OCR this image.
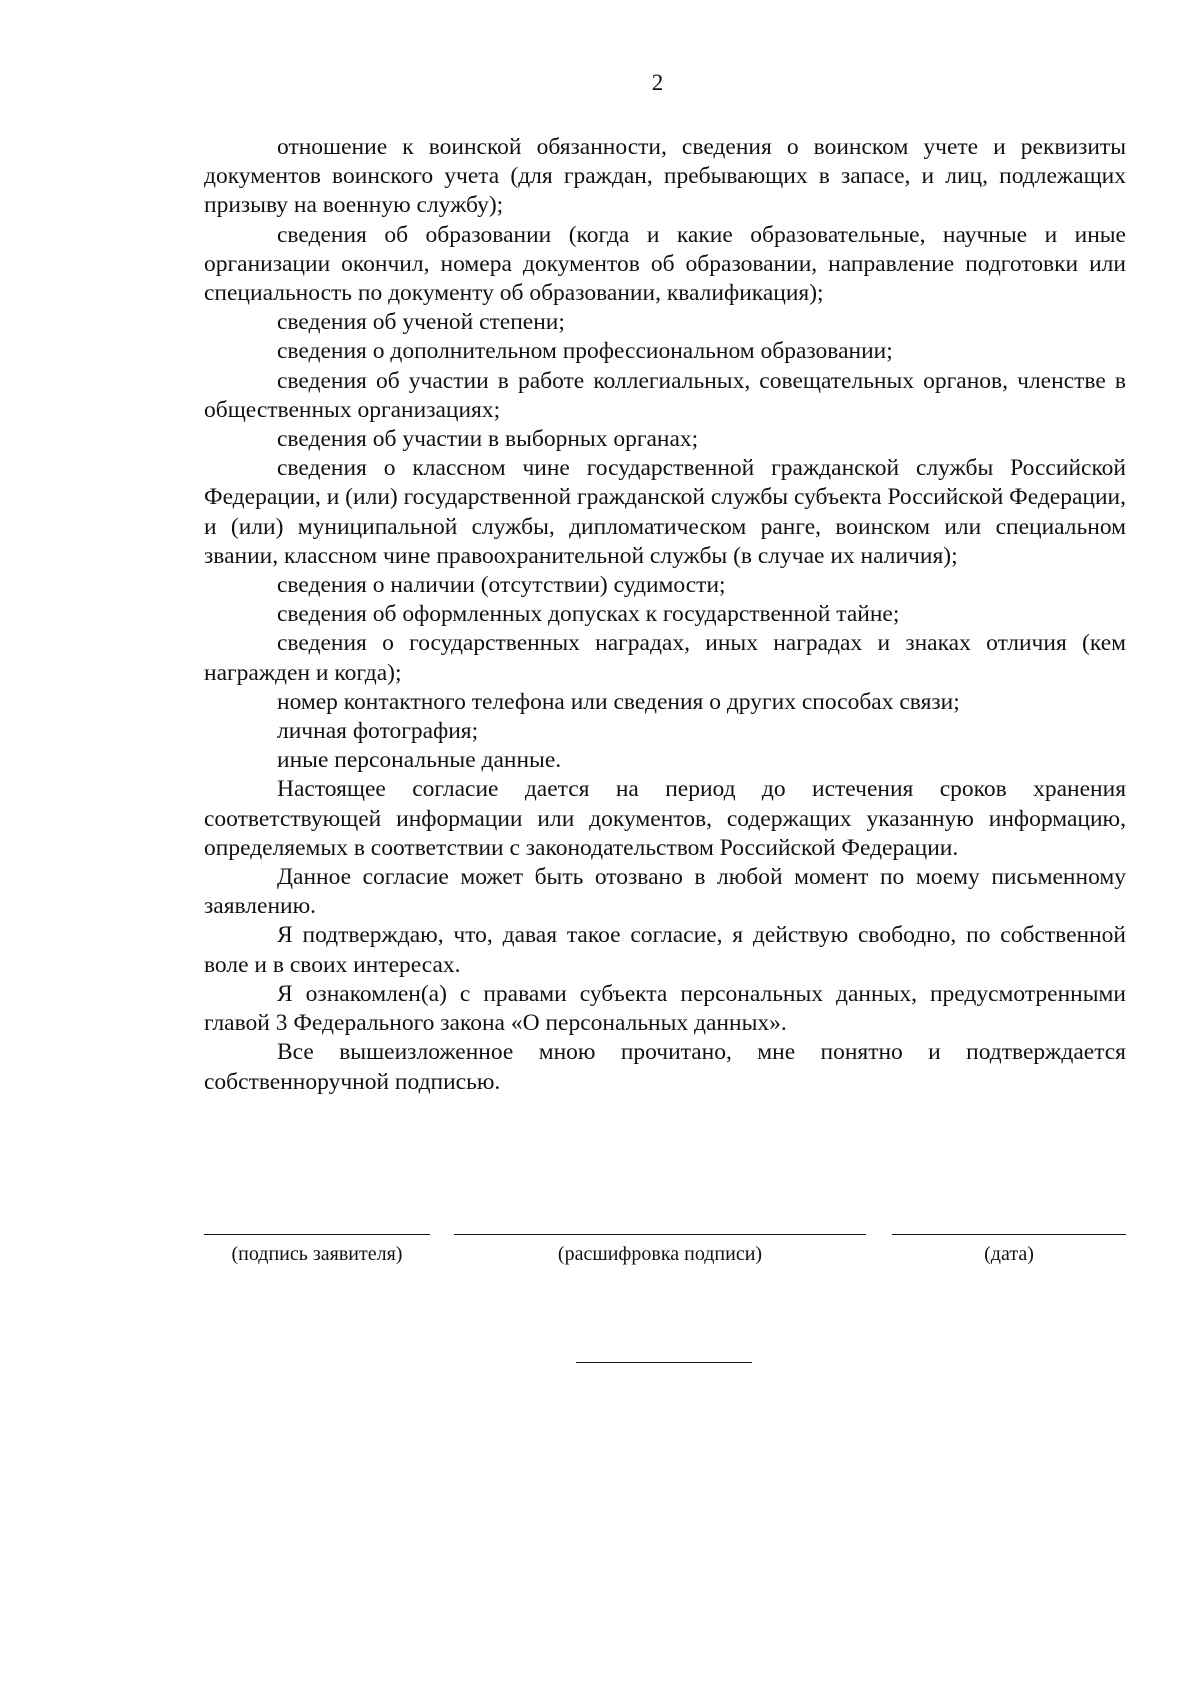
2

отношение к воинской обязанности, сведения о воинском учете и реквизиты документов воинского учета (для граждан, пребывающих в запасе, и лиц, подлежащих призыву на военную службу);

сведения об образовании (когда и какие образовательные, научные и иные организации окончил, номера документов об образовании, направление подготовки или специальность по документу об образовании, квалификация);

сведения об ученой степени;

сведения о дополнительном профессиональном образовании;

сведения об участии в работе коллегиальных, совещательных органов, членстве в общественных организациях;

сведения об участии в выборных органах;

сведения о классном чине государственной гражданской службы Российской Федерации, и (или) государственной гражданской службы субъекта Российской Федерации, и (или) муниципальной службы, дипломатическом ранге, воинском или специальном звании, классном чине правоохранительной службы (в случае их наличия);

сведения о наличии (отсутствии) судимости;

сведения об оформленных допусках к государственной тайне;

сведения о государственных наградах, иных наградах и знаках отличия (кем награжден и когда);

номер контактного телефона или сведения о других способах связи;

личная фотография;

иные персональные данные.

Настоящее согласие дается на период до истечения сроков хранения соответствующей информации или документов, содержащих указанную информацию, определяемых в соответствии с законодательством Российской Федерации.

Данное согласие может быть отозвано в любой момент по моему письменному заявлению.

Я подтверждаю, что, давая такое согласие, я действую свободно, по собственной воле и в своих интересах.

Я ознакомлен(а) с правами субъекта персональных данных, предусмотренными главой 3 Федерального закона «О персональных данных».

Все вышеизложенное мною прочитано, мне понятно и подтверждается собственноручной подписью.

(подпись заявителя)	(расшифровка подписи)	(дата)
